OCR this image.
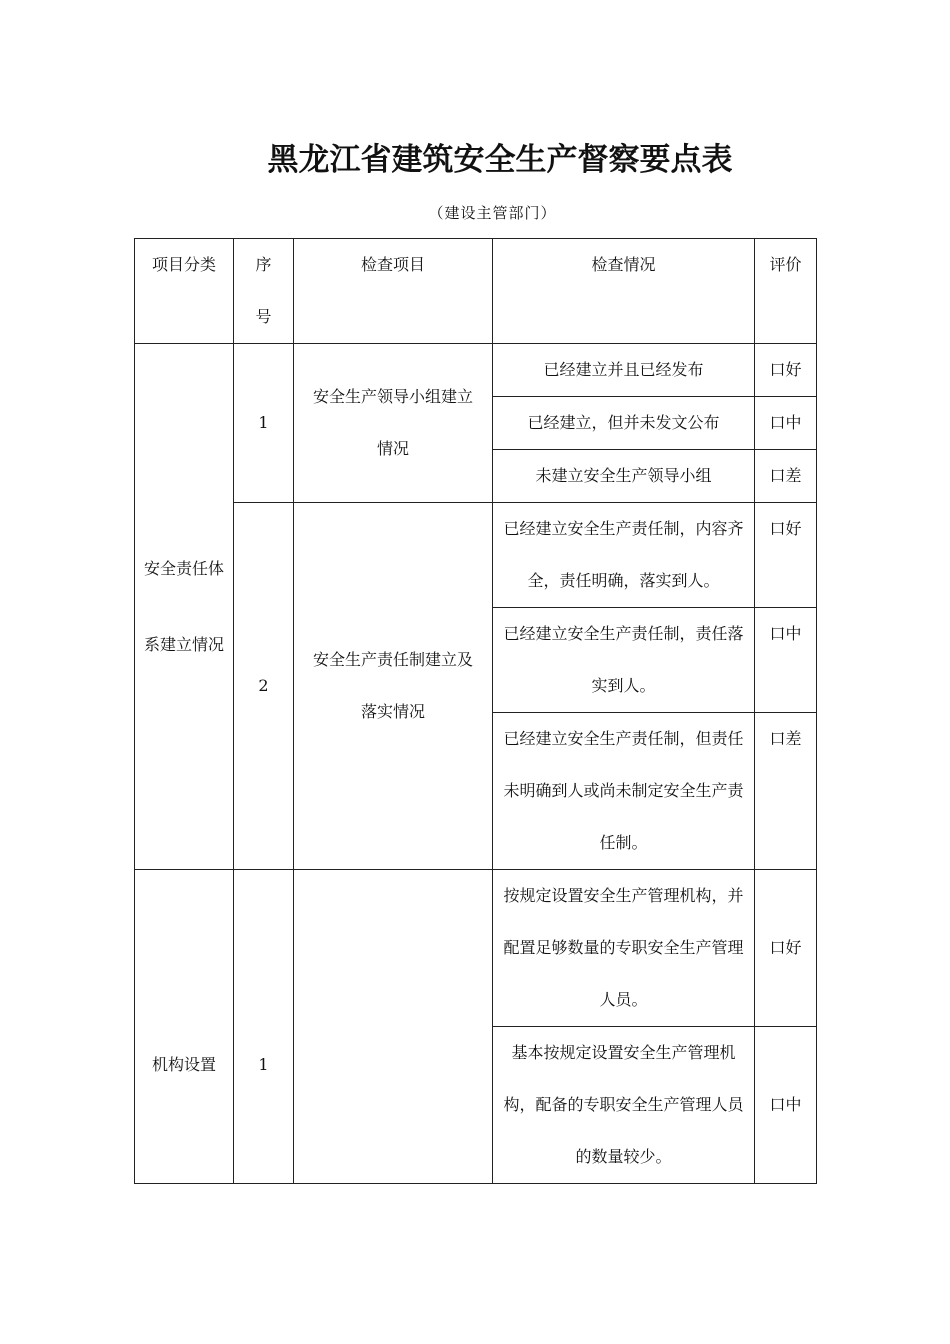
黑龙江省建筑安全生产督察要点表
（建设主管部门）
项目分类	序号	检查项目	检查情况	评价

安全责任体系建立情况	1	安全生产领导小组建立情况	已经建立并且已经发布	口好

			已经建立，但并未发文公布	口中

			未建立安全生产领导小组	口差
	2	安全生产责任制建立及落实情况	已经建立安全生产责任制，内容齐全，责任明确，落实到人。	口好

			已经建立安全生产责任制，责任落实到人。	口中

			已经建立安全生产责任制，但责任未明确到人或尚未制定安全生产责任制。	口差

机构设置	1		按规定设置安全生产管理机构，并配置足够数量的专职安全生产管理人员。	口好

			基本按规定设置安全生产管理机构，配备的专职安全生产管理人员的数量较少。	口中
